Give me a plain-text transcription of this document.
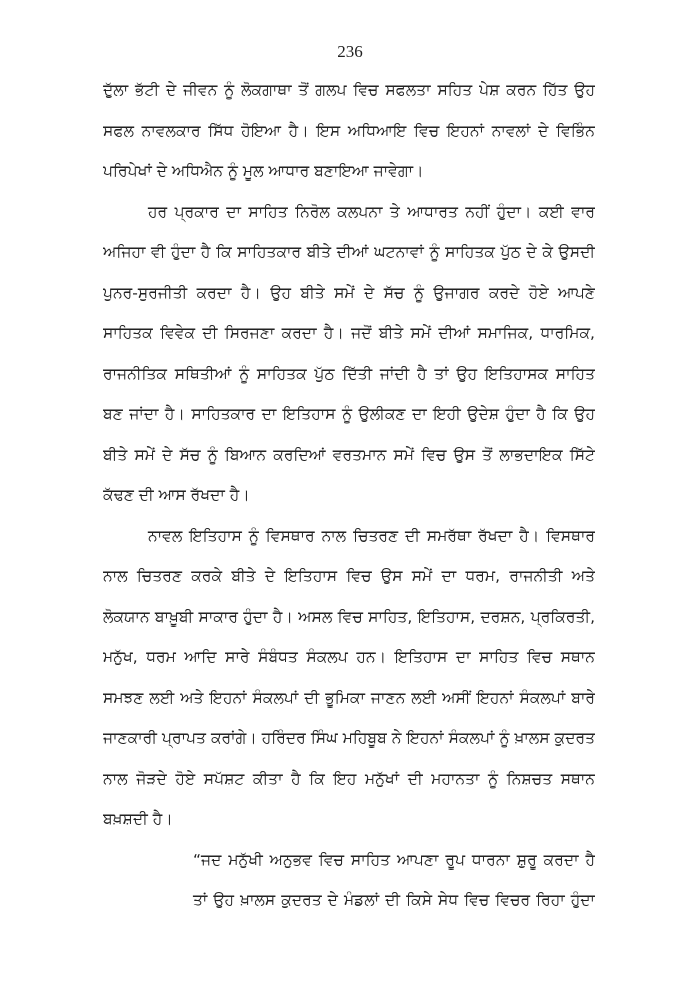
236
ਦੁੱਲਾ ਭੱਟੀ ਦੇ ਜੀਵਨ ਨੂੰ ਲੋਕਗਾਥਾ ਤੋਂ ਗਲਪ ਵਿਚ ਸਫਲਤਾ ਸਹਿਤ ਪੇਸ਼ ਕਰਨ ਹਿੱਤ ਉਹ
ਸਫਲ ਨਾਵਲਕਾਰ ਸਿੱਧ ਹੋਇਆ ਹੈ। ਇਸ ਅਧਿਆਇ ਵਿਚ ਇਹਨਾਂ ਨਾਵਲਾਂ ਦੇ ਵਿਭਿੰਨ
ਪਰਿਪੇਖਾਂ ਦੇ ਅਧਿਐਨ ਨੂੰ ਮੂਲ ਆਧਾਰ ਬਣਾਇਆ ਜਾਵੇਗਾ।
ਹਰ ਪ੍ਰਕਾਰ ਦਾ ਸਾਹਿਤ ਨਿਰੋਲ ਕਲਪਨਾ ਤੇ ਆਧਾਰਤ ਨਹੀਂ ਹੁੰਦਾ। ਕਈ ਵਾਰ
ਅਜਿਹਾ ਵੀ ਹੁੰਦਾ ਹੈ ਕਿ ਸਾਹਿਤਕਾਰ ਬੀਤੇ ਦੀਆਂ ਘਟਨਾਵਾਂ ਨੂੰ ਸਾਹਿਤਕ ਪੁੱਠ ਦੇ ਕੇ ਉਸਦੀ
ਪੁਨਰ-ਸੁਰਜੀਤੀ ਕਰਦਾ ਹੈ। ਉਹ ਬੀਤੇ ਸਮੇਂ ਦੇ ਸੱਚ ਨੂੰ ਉਜਾਗਰ ਕਰਦੇ ਹੋਏ ਆਪਣੇ
ਸਾਹਿਤਕ ਵਿਵੇਕ ਦੀ ਸਿਰਜਣਾ ਕਰਦਾ ਹੈ। ਜਦੋਂ ਬੀਤੇ ਸਮੇਂ ਦੀਆਂ ਸਮਾਜਿਕ, ਧਾਰਮਿਕ,
ਰਾਜਨੀਤਿਕ ਸਥਿਤੀਆਂ ਨੂੰ ਸਾਹਿਤਕ ਪੁੱਠ ਦਿੱਤੀ ਜਾਂਦੀ ਹੈ ਤਾਂ ਉਹ ਇਤਿਹਾਸਕ ਸਾਹਿਤ
ਬਣ ਜਾਂਦਾ ਹੈ। ਸਾਹਿਤਕਾਰ ਦਾ ਇਤਿਹਾਸ ਨੂੰ ਉਲੀਕਣ ਦਾ ਇਹੀ ਉਦੇਸ਼ ਹੁੰਦਾ ਹੈ ਕਿ ਉਹ
ਬੀਤੇ ਸਮੇਂ ਦੇ ਸੱਚ ਨੂੰ ਬਿਆਨ ਕਰਦਿਆਂ ਵਰਤਮਾਨ ਸਮੇਂ ਵਿਚ ਉਸ ਤੋਂ ਲਾਭਦਾਇਕ ਸਿੱਟੇ
ਕੱਢਣ ਦੀ ਆਸ ਰੱਖਦਾ ਹੈ।
ਨਾਵਲ ਇਤਿਹਾਸ ਨੂੰ ਵਿਸਥਾਰ ਨਾਲ ਚਿਤਰਣ ਦੀ ਸਮਰੱਥਾ ਰੱਖਦਾ ਹੈ। ਵਿਸਥਾਰ
ਨਾਲ ਚਿਤਰਣ ਕਰਕੇ ਬੀਤੇ ਦੇ ਇਤਿਹਾਸ ਵਿਚ ਉਸ ਸਮੇਂ ਦਾ ਧਰਮ, ਰਾਜਨੀਤੀ ਅਤੇ
ਲੋਕਯਾਨ ਬਾਖ਼ੂਬੀ ਸਾਕਾਰ ਹੁੰਦਾ ਹੈ। ਅਸਲ ਵਿਚ ਸਾਹਿਤ, ਇਤਿਹਾਸ, ਦਰਸ਼ਨ, ਪ੍ਰਕਿਰਤੀ,
ਮਨੁੱਖ, ਧਰਮ ਆਦਿ ਸਾਰੇ ਸੰਬੰਧਤ ਸੰਕਲਪ ਹਨ। ਇਤਿਹਾਸ ਦਾ ਸਾਹਿਤ ਵਿਚ ਸਥਾਨ
ਸਮਝਣ ਲਈ ਅਤੇ ਇਹਨਾਂ ਸੰਕਲਪਾਂ ਦੀ ਭੂਮਿਕਾ ਜਾਣਨ ਲਈ ਅਸੀਂ ਇਹਨਾਂ ਸੰਕਲਪਾਂ ਬਾਰੇ
ਜਾਣਕਾਰੀ ਪ੍ਰਾਪਤ ਕਰਾਂਗੇ। ਹਰਿੰਦਰ ਸਿੰਘ ਮਹਿਬੂਬ ਨੇ ਇਹਨਾਂ ਸੰਕਲਪਾਂ ਨੂੰ ਖ਼ਾਲਸ ਕੁਦਰਤ
ਨਾਲ ਜੋੜਦੇ ਹੋਏ ਸਪੱਸ਼ਟ ਕੀਤਾ ਹੈ ਕਿ ਇਹ ਮਨੁੱਖਾਂ ਦੀ ਮਹਾਨਤਾ ਨੂੰ ਨਿਸ਼ਚਤ ਸਥਾਨ
ਬਖ਼ਸ਼ਦੀ ਹੈ।
“ਜਦ ਮਨੁੱਖੀ ਅਨੁਭਵ ਵਿਚ ਸਾਹਿਤ ਆਪਣਾ ਰੂਪ ਧਾਰਨਾ ਸ਼ੁਰੂ ਕਰਦਾ ਹੈ
ਤਾਂ ਉਹ ਖ਼ਾਲਸ ਕੁਦਰਤ ਦੇ ਮੰਡਲਾਂ ਦੀ ਕਿਸੇ ਸੇਧ ਵਿਚ ਵਿਚਰ ਰਿਹਾ ਹੁੰਦਾ
